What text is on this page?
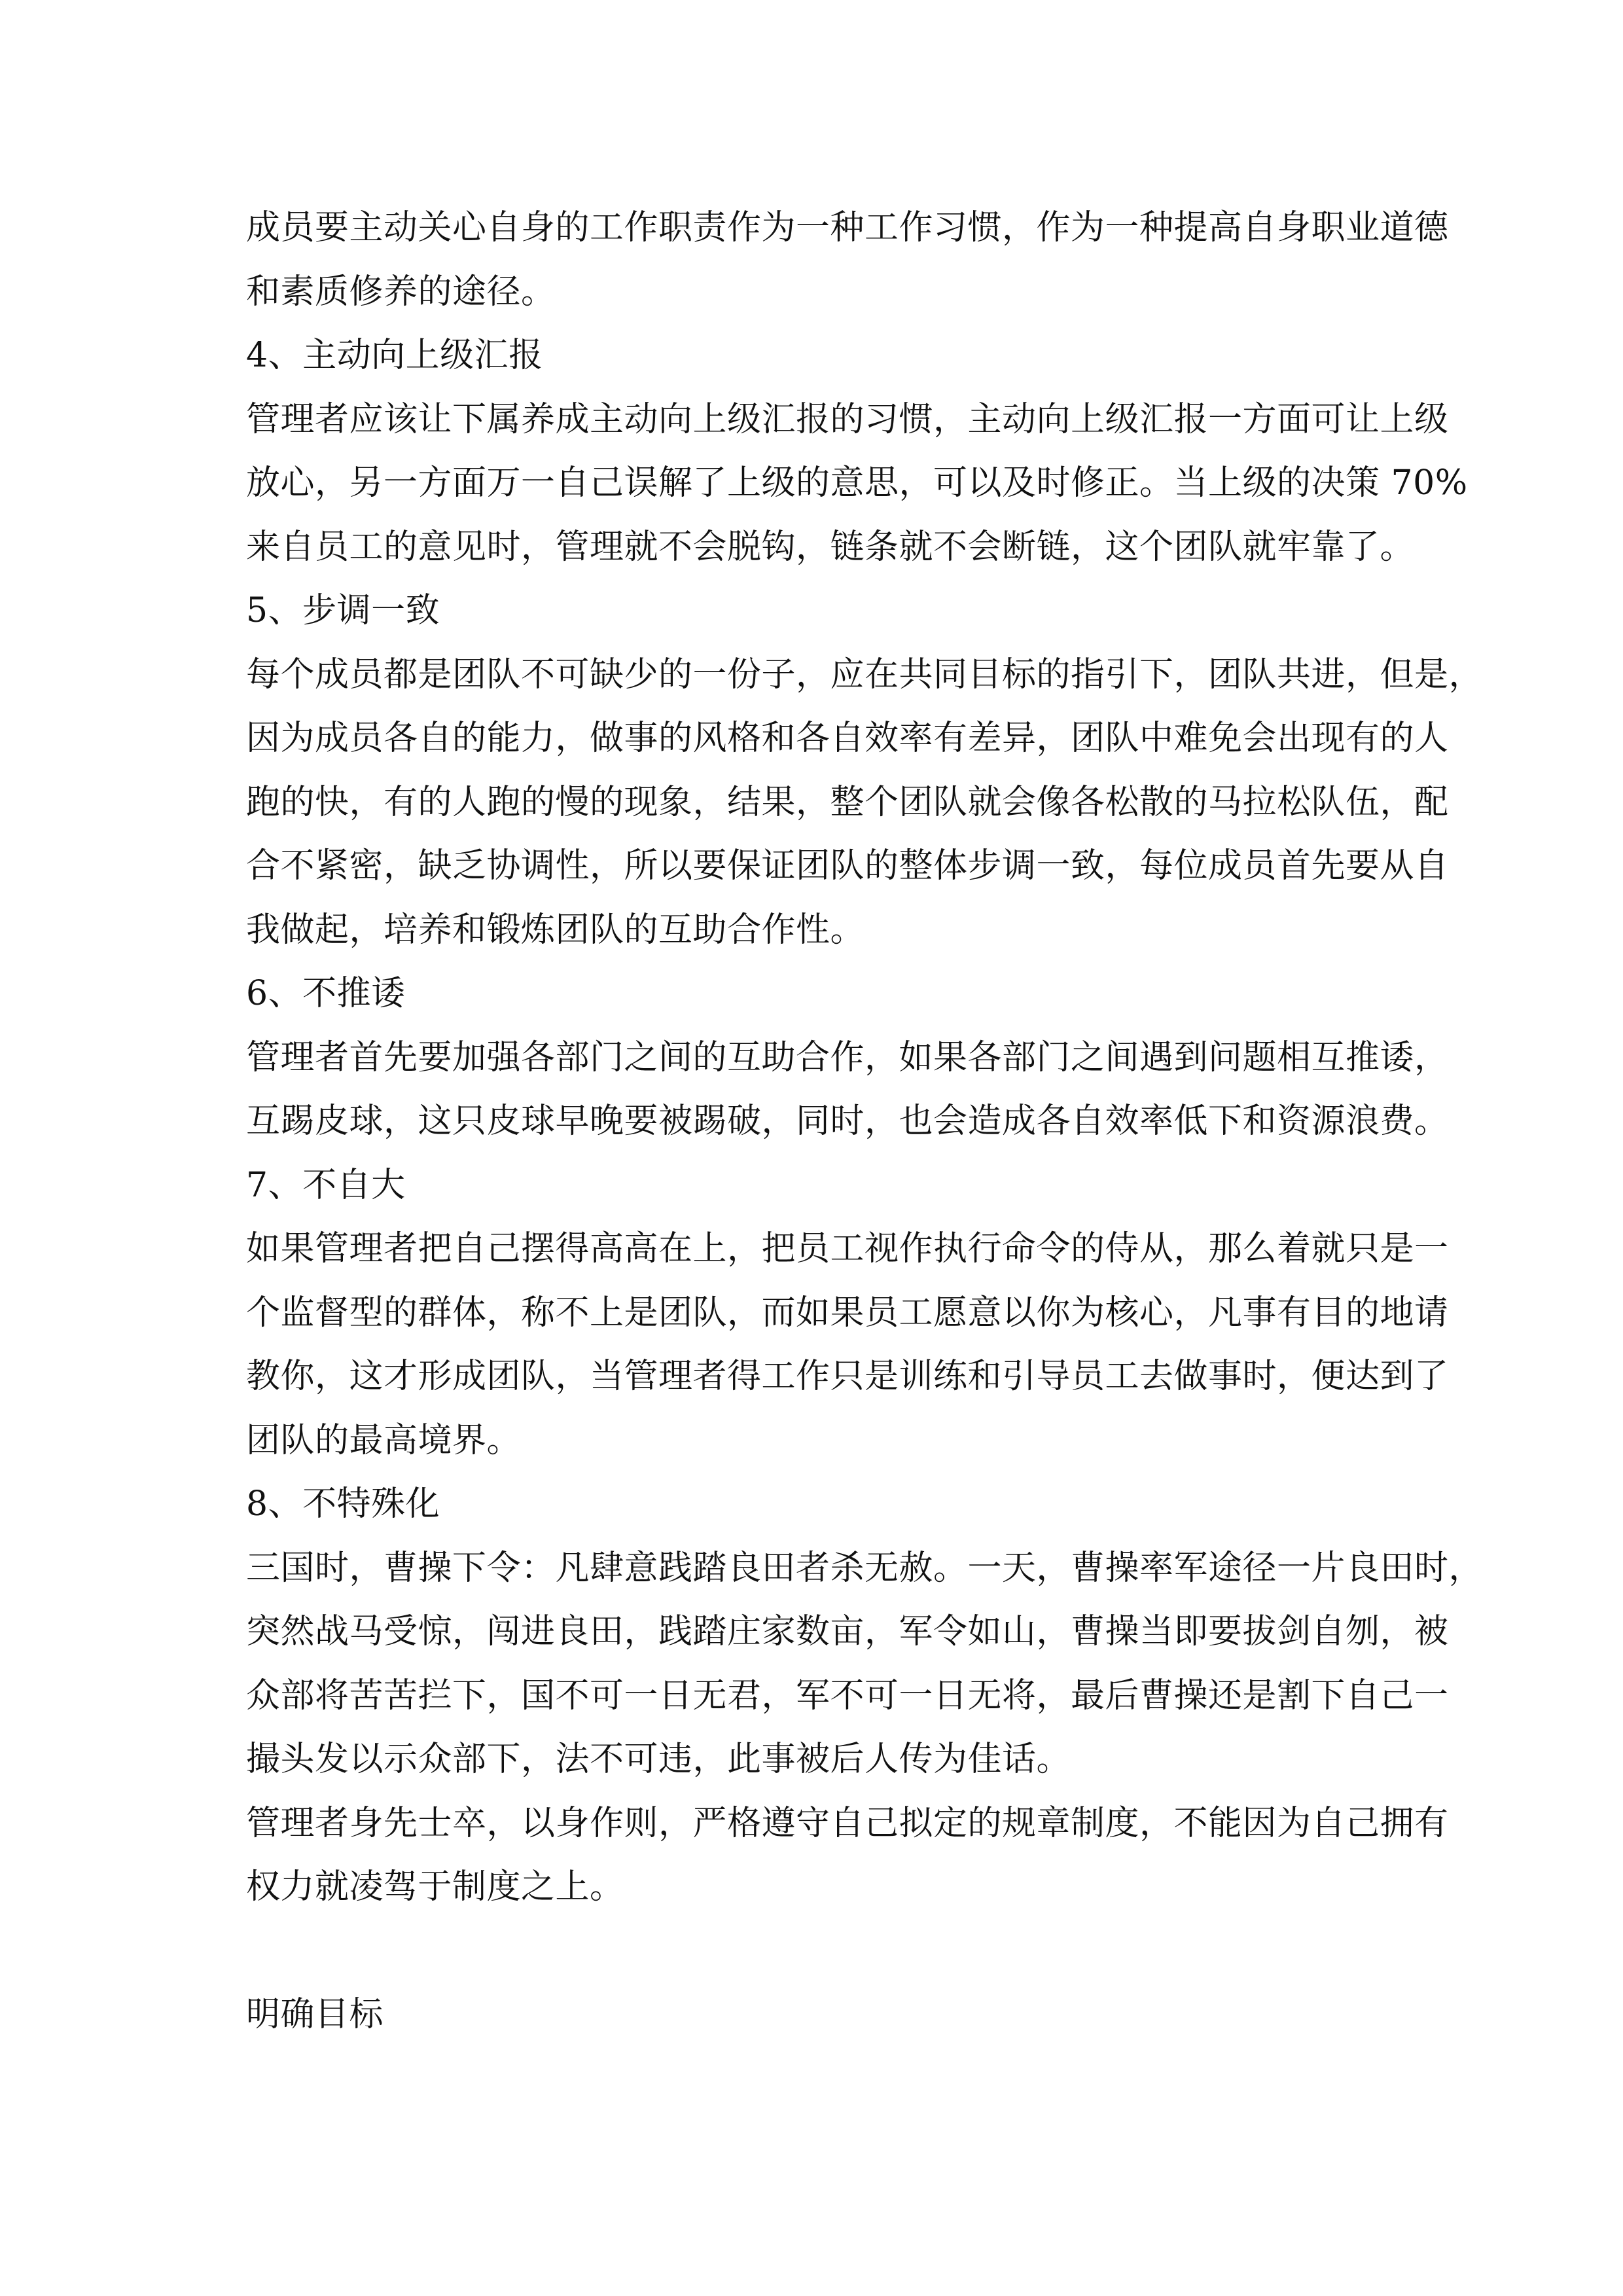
成员要主动关心自身的工作职责作为一种工作习惯，作为一种提高自身职业道德
和素质修养的途径。
4、主动向上级汇报
管理者应该让下属养成主动向上级汇报的习惯，主动向上级汇报一方面可让上级
放心，另一方面万一自己误解了上级的意思，可以及时修正。当上级的决策 70%
来自员工的意见时，管理就不会脱钩，链条就不会断链，这个团队就牢靠了。
5、步调一致
每个成员都是团队不可缺少的一份子，应在共同目标的指引下，团队共进，但是，
因为成员各自的能力，做事的风格和各自效率有差异，团队中难免会出现有的人
跑的快，有的人跑的慢的现象，结果，整个团队就会像各松散的马拉松队伍，配
合不紧密，缺乏协调性，所以要保证团队的整体步调一致，每位成员首先要从自
我做起，培养和锻炼团队的互助合作性。
6、不推诿
管理者首先要加强各部门之间的互助合作，如果各部门之间遇到问题相互推诿，
互踢皮球，这只皮球早晚要被踢破，同时，也会造成各自效率低下和资源浪费。
7、不自大
如果管理者把自己摆得高高在上，把员工视作执行命令的侍从，那么着就只是一
个监督型的群体，称不上是团队，而如果员工愿意以你为核心，凡事有目的地请
教你，这才形成团队，当管理者得工作只是训练和引导员工去做事时，便达到了
团队的最高境界。
8、不特殊化
三国时，曹操下令：凡肆意践踏良田者杀无赦。一天，曹操率军途径一片良田时，
突然战马受惊，闯进良田，践踏庄家数亩，军令如山，曹操当即要拔剑自刎，被
众部将苦苦拦下，国不可一日无君，军不可一日无将，最后曹操还是割下自己一
撮头发以示众部下，法不可违，此事被后人传为佳话。
管理者身先士卒，以身作则，严格遵守自己拟定的规章制度，不能因为自己拥有
权力就凌驾于制度之上。
明确目标
